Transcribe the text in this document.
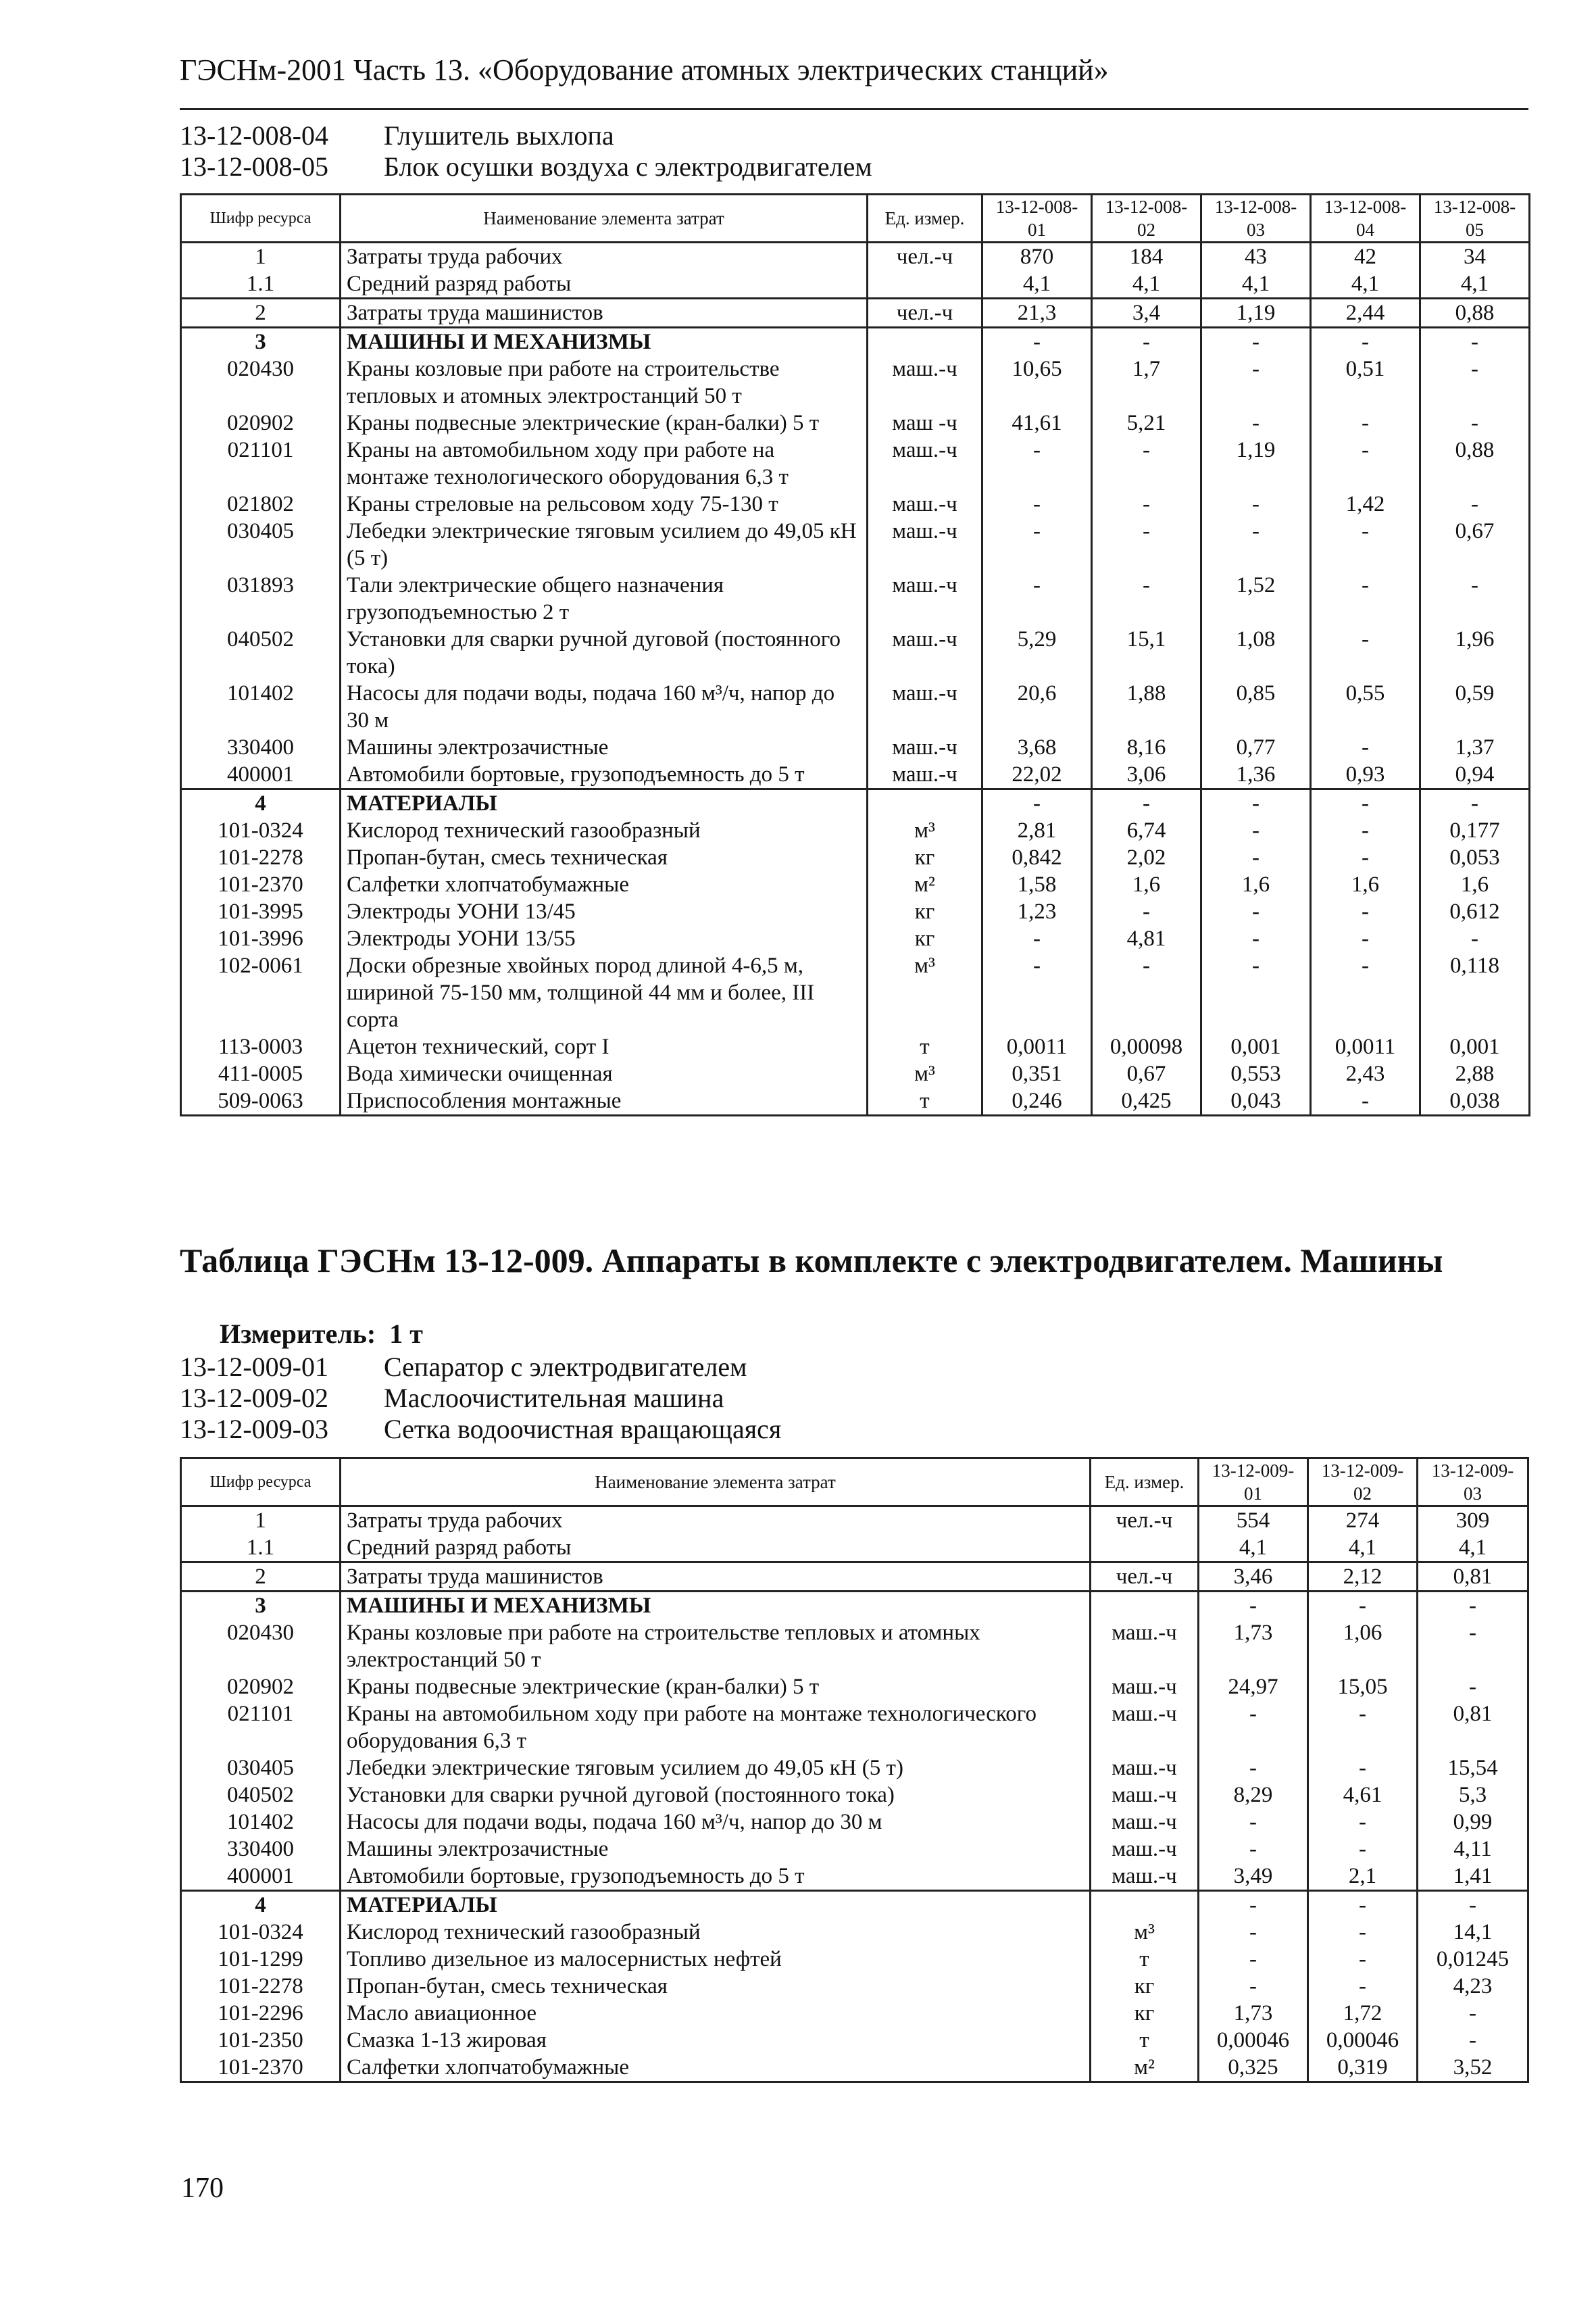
ГЭСНм-2001 Часть 13. «Оборудование атомных электрических станций»
13-12-008-04 Глушитель выхлопа
13-12-008-05 Блок осушки воздуха с электродвигателем
Шифр ресурса	Наименование элемента затрат	Ед. измер.	13-12-008-01	13-12-008-02	13-12-008-03	13-12-008-04	13-12-008-05
1	Затраты труда рабочих	чел.-ч	870	184	43	42	34
1.1	Средний разряд работы		4,1	4,1	4,1	4,1	4,1
2	Затраты труда машинистов	чел.-ч	21,3	3,4	1,19	2,44	0,88
3	МАШИНЫ И МЕХАНИЗМЫ		-	-	-	-	-
020430	Краны козловые при работе на строительстве тепловых и атомных электростанций 50 т	маш.-ч	10,65	1,7	-	0,51	-
020902	Краны подвесные электрические (кран-балки) 5 т	маш -ч	41,61	5,21	-	-	-
021101	Краны на автомобильном ходу при работе на монтаже технологического оборудования 6,3 т	маш.-ч	-	-	1,19	-	0,88
021802	Краны стреловые на рельсовом ходу 75-130 т	маш.-ч	-	-	-	1,42	-
030405	Лебедки электрические тяговым усилием до 49,05 кН (5 т)	маш.-ч	-	-	-	-	0,67
031893	Тали электрические общего назначения грузоподъемностью 2 т	маш.-ч	-	-	1,52	-	-
040502	Установки для сварки ручной дуговой (постоянного тока)	маш.-ч	5,29	15,1	1,08	-	1,96
101402	Насосы для подачи воды, подача 160 м³/ч, напор до 30 м	маш.-ч	20,6	1,88	0,85	0,55	0,59
330400	Машины электрозачистные	маш.-ч	3,68	8,16	0,77	-	1,37
400001	Автомобили бортовые, грузоподъемность до 5 т	маш.-ч	22,02	3,06	1,36	0,93	0,94
4	МАТЕРИАЛЫ		-	-	-	-	-
101-0324	Кислород технический газообразный	м³	2,81	6,74	-	-	0,177
101-2278	Пропан-бутан, смесь техническая	кг	0,842	2,02	-	-	0,053
101-2370	Салфетки хлопчатобумажные	м²	1,58	1,6	1,6	1,6	1,6
101-3995	Электроды УОНИ 13/45	кг	1,23	-	-	-	0,612
101-3996	Электроды УОНИ 13/55	кг	-	4,81	-	-	-
102-0061	Доски обрезные хвойных пород длиной 4-6,5 м, шириной 75-150 мм, толщиной 44 мм и более, III сорта	м³	-	-	-	-	0,118
113-0003	Ацетон технический, сорт I	т	0,0011	0,00098	0,001	0,0011	0,001
411-0005	Вода химически очищенная	м³	0,351	0,67	0,553	2,43	2,88
509-0063	Приспособления монтажные	т	0,246	0,425	0,043	-	0,038
Таблица ГЭСНм 13-12-009. Аппараты в комплекте с электродвигателем. Машины
Измеритель: 1 т
13-12-009-01 Сепаратор с электродвигателем
13-12-009-02 Маслоочистительная машина
13-12-009-03 Сетка водоочистная вращающаяся
Шифр ресурса	Наименование элемента затрат	Ед. измер.	13-12-009-01	13-12-009-02	13-12-009-03
1	Затраты труда рабочих	чел.-ч	554	274	309
1.1	Средний разряд работы		4,1	4,1	4,1
2	Затраты труда машинистов	чел.-ч	3,46	2,12	0,81
3	МАШИНЫ И МЕХАНИЗМЫ		-	-	-
020430	Краны козловые при работе на строительстве тепловых и атомных электростанций 50 т	маш.-ч	1,73	1,06	-
020902	Краны подвесные электрические (кран-балки) 5 т	маш.-ч	24,97	15,05	-
021101	Краны на автомобильном ходу при работе на монтаже технологического оборудования 6,3 т	маш.-ч	-	-	0,81
030405	Лебедки электрические тяговым усилием до 49,05 кН (5 т)	маш.-ч	-	-	15,54
040502	Установки для сварки ручной дуговой (постоянного тока)	маш.-ч	8,29	4,61	5,3
101402	Насосы для подачи воды, подача 160 м³/ч, напор до 30 м	маш.-ч	-	-	0,99
330400	Машины электрозачистные	маш.-ч	-	-	4,11
400001	Автомобили бортовые, грузоподъемность до 5 т	маш.-ч	3,49	2,1	1,41
4	МАТЕРИАЛЫ		-	-	-
101-0324	Кислород технический газообразный	м³	-	-	14,1
101-1299	Топливо дизельное из малосернистых нефтей	т	-	-	0,01245
101-2278	Пропан-бутан, смесь техническая	кг	-	-	4,23
101-2296	Масло авиационное	кг	1,73	1,72	-
101-2350	Смазка 1-13 жировая	т	0,00046	0,00046	-
101-2370	Салфетки хлопчатобумажные	м²	0,325	0,319	3,52
170
